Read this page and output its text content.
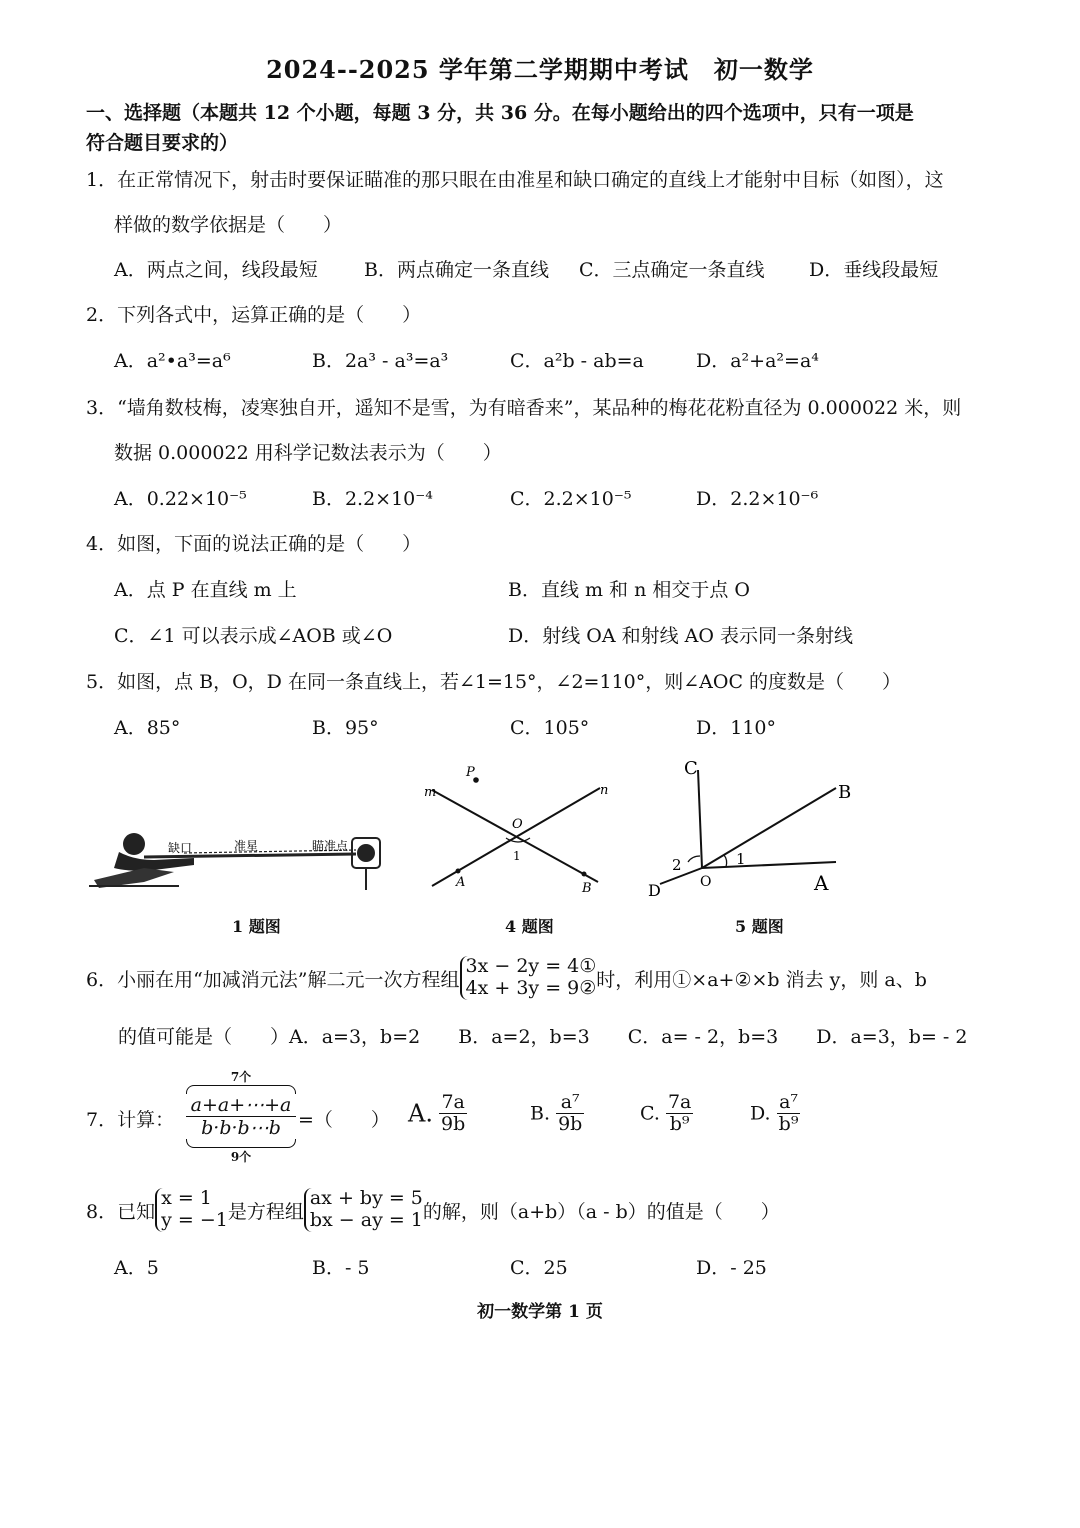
2024--2025 学年第二学期期中考试　初一数学
一、选择题（本题共 12 个小题，每题 3 分，共 36 分。在每小题给出的四个选项中，只有一项是
符合题目要求的）
1．在正常情况下，射击时要保证瞄准的那只眼在由准星和缺口确定的直线上才能射中目标（如图），这
样做的数学依据是（　　）
A．两点之间，线段最短 B．两点确定一条直线 C．三点确定一条直线 D．垂线段最短
2．下列各式中，运算正确的是（　　）
A．a²•a³=a⁶	B．2a³ - a³=a³	C．a²b - ab=a	D．a²+a²=a⁴
3．“墙角数枝梅，凌寒独自开，遥知不是雪，为有暗香来”，某品种的梅花花粉直径为 0.000022 米，则
数据 0.000022 用科学记数法表示为（　　）
A．0.22×10⁻⁵	B．2.2×10⁻⁴	C．2.2×10⁻⁵	D．2.2×10⁻⁶
4．如图，下面的说法正确的是（　　）
A．点 P 在直线 m 上	B．直线 m 和 n 相交于点 O
C．∠1 可以表示成∠AOB 或∠O	D．射线 OA 和射线 AO 表示同一条射线
5．如图，点 B，O，D 在同一条直线上，若∠1=15°，∠2=110°，则∠AOC 的度数是（　　）
A．85°	B．95°	C．105°	D．110°
缺口	准星	瞄准点
1 题图
P
m	n
O
1
A	B
4 题图
C
B
1
2
O
D	A
5 题图
6．小丽在用“加减消元法”解二元一次方程组
3x − 2y = 4①
4x + 3y = 9② 时，利用①×a+②×b 消去 y，则 a、b
的值可能是（　　）A．a=3，b=2　　B．a=2，b=3　　C．a= - 2，b=3　　D．a=3，b= - 2
7．计算：
7个
a+a+⋯+a
b·b·b⋯b
9个
=（　　） A. $\frac{7a}{9b}$	B. $\frac{\text{a⁷}}{9b}$	C. $\frac{7a}{\text{b⁹}}$	D. $\frac{\text{a⁷}}{\text{b⁹}}$
8．已知
x = 1
y = −1 是方程组
ax + by = 5
bx − ay = 1 的解，则（a+b）（a - b）的值是（　　）
A．5	B．- 5	C．25	D．- 25
初一数学第 1 页
